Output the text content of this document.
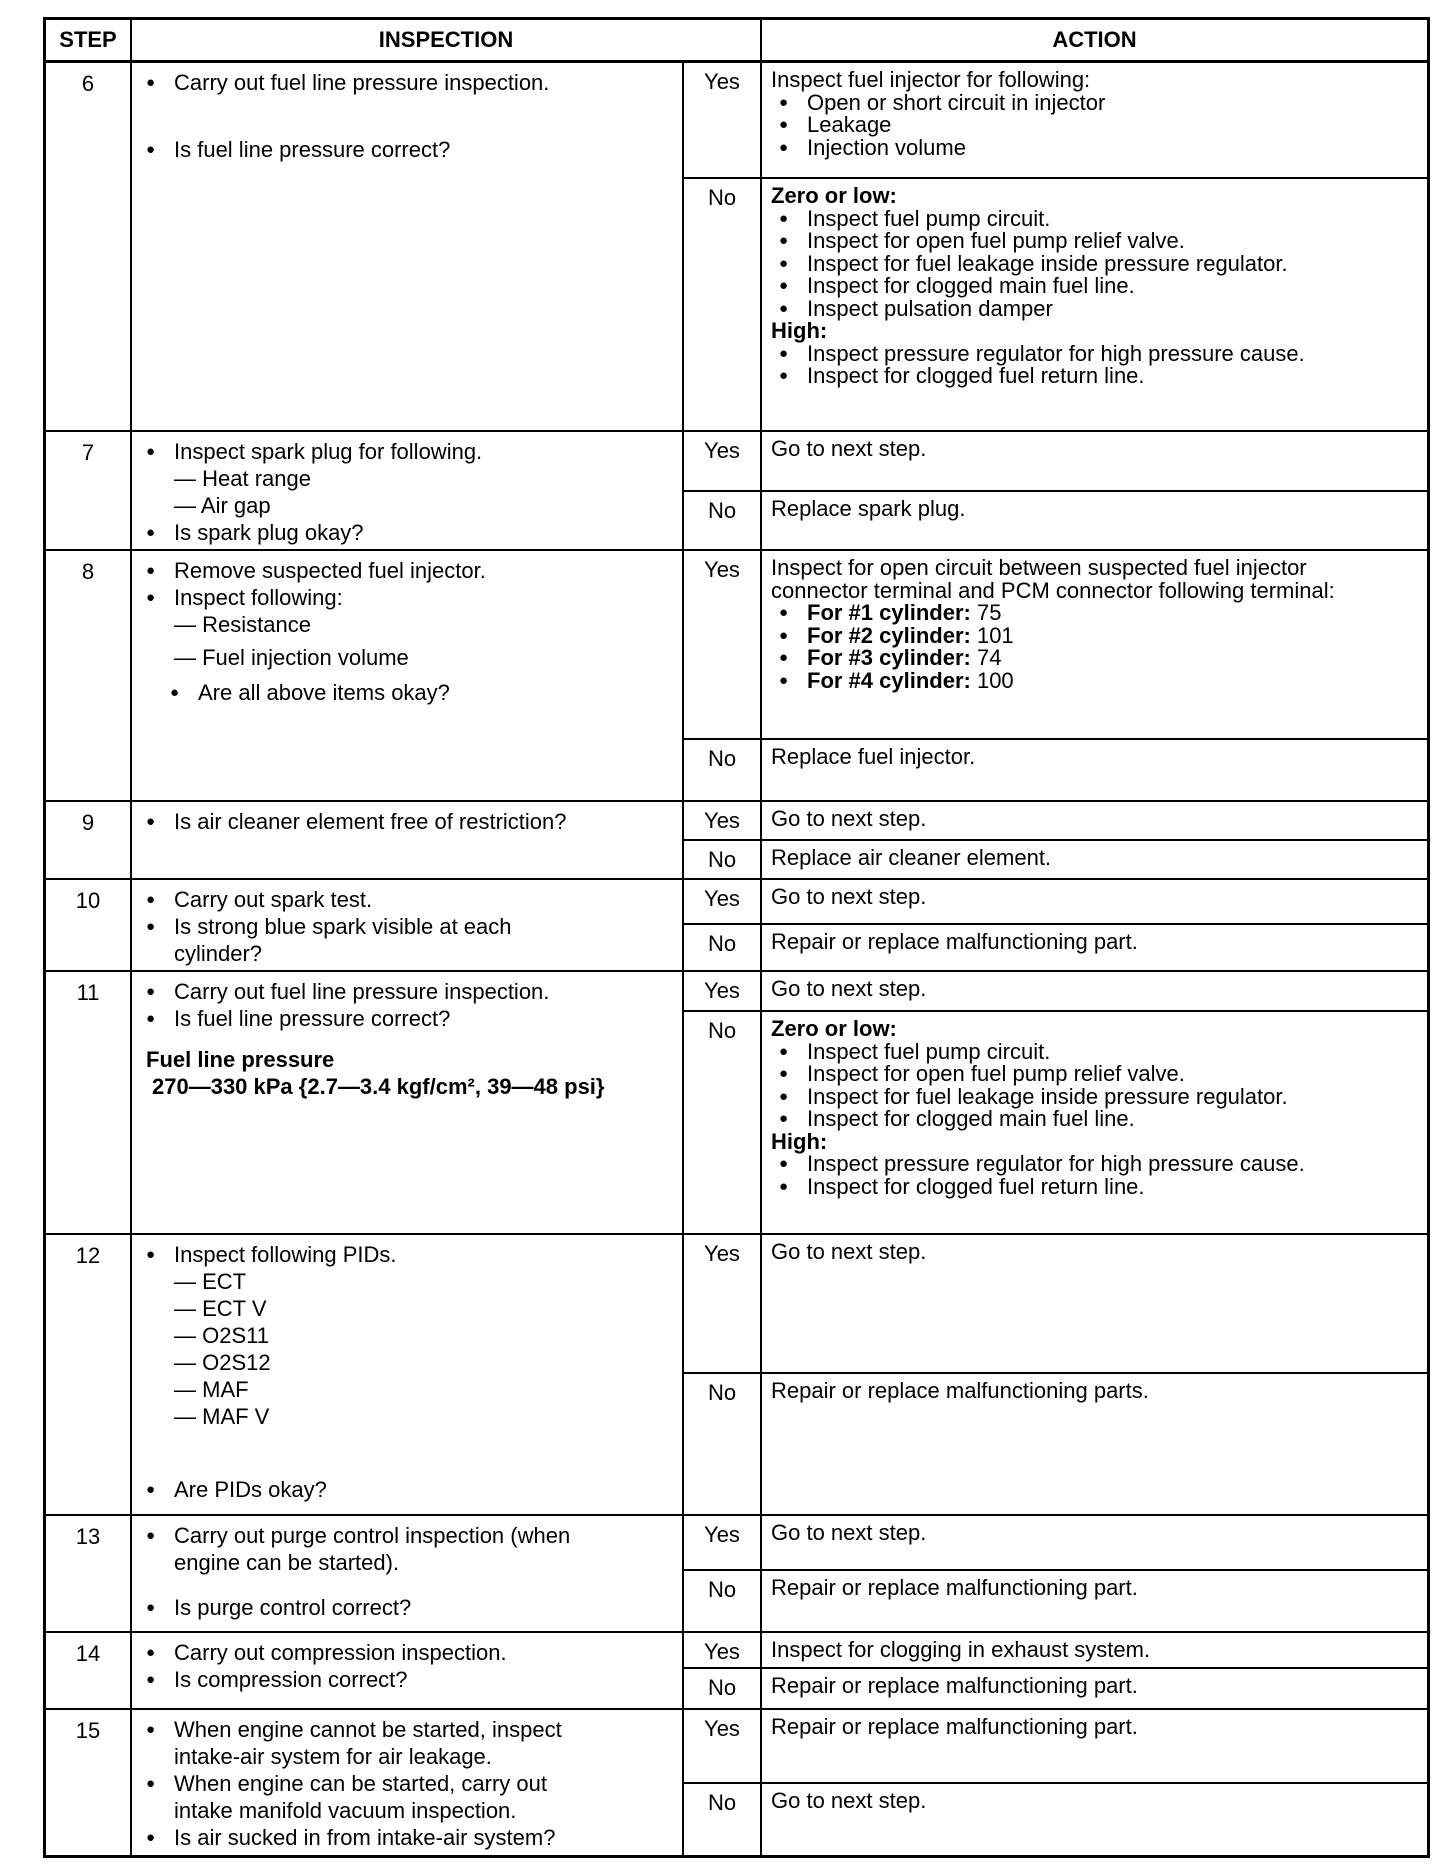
STEP	INSPECTION	ACTION
6	● Carry out fuel line pressure inspection.
● Is fuel line pressure correct?
Yes	Inspect fuel injector for following:
● Open or short circuit in injector
● Leakage
● Injection volume
No	Zero or low:
● Inspect fuel pump circuit.
● Inspect for open fuel pump relief valve.
● Inspect for fuel leakage inside pressure regulator.
● Inspect for clogged main fuel line.
● Inspect pulsation damper
High:
● Inspect pressure regulator for high pressure cause.
● Inspect for clogged fuel return line.
7	● Inspect spark plug for following.
— Heat range
— Air gap
● Is spark plug okay?
Yes	Go to next step.
No	Replace spark plug.
8	● Remove suspected fuel injector.
● Inspect following:
— Resistance
— Fuel injection volume
● Are all above items okay?
Yes	Inspect for open circuit between suspected fuel injector
connector terminal and PCM connector following terminal:
● For #1 cylinder: 75
● For #2 cylinder: 101
● For #3 cylinder: 74
● For #4 cylinder: 100
No	Replace fuel injector.
9	● Is air cleaner element free of restriction?	Yes	Go to next step.
No	Replace air cleaner element.
10	● Carry out spark test.
● Is strong blue spark visible at each
cylinder?
Yes	Go to next step.
No	Repair or replace malfunctioning part.
11	● Carry out fuel line pressure inspection.
● Is fuel line pressure correct?
Fuel line pressure
270—330 kPa {2.7—3.4 kgf/cm², 39—48 psi}
Yes	Go to next step.
No	Zero or low:
● Inspect fuel pump circuit.
● Inspect for open fuel pump relief valve.
● Inspect for fuel leakage inside pressure regulator.
● Inspect for clogged main fuel line.
High:
● Inspect pressure regulator for high pressure cause.
● Inspect for clogged fuel return line.
12	● Inspect following PIDs.
— ECT
— ECT V
— O2S11
— O2S12
— MAF
— MAF V
● Are PIDs okay?
Yes	Go to next step.
No	Repair or replace malfunctioning parts.
13	● Carry out purge control inspection (when
engine can be started).
● Is purge control correct?
Yes	Go to next step.
No	Repair or replace malfunctioning part.
14	● Carry out compression inspection.
● Is compression correct?
Yes	Inspect for clogging in exhaust system.
No	Repair or replace malfunctioning part.
15	● When engine cannot be started, inspect
intake-air system for air leakage.
● When engine can be started, carry out
intake manifold vacuum inspection.
● Is air sucked in from intake-air system?
Yes	Repair or replace malfunctioning part.
No	Go to next step.
